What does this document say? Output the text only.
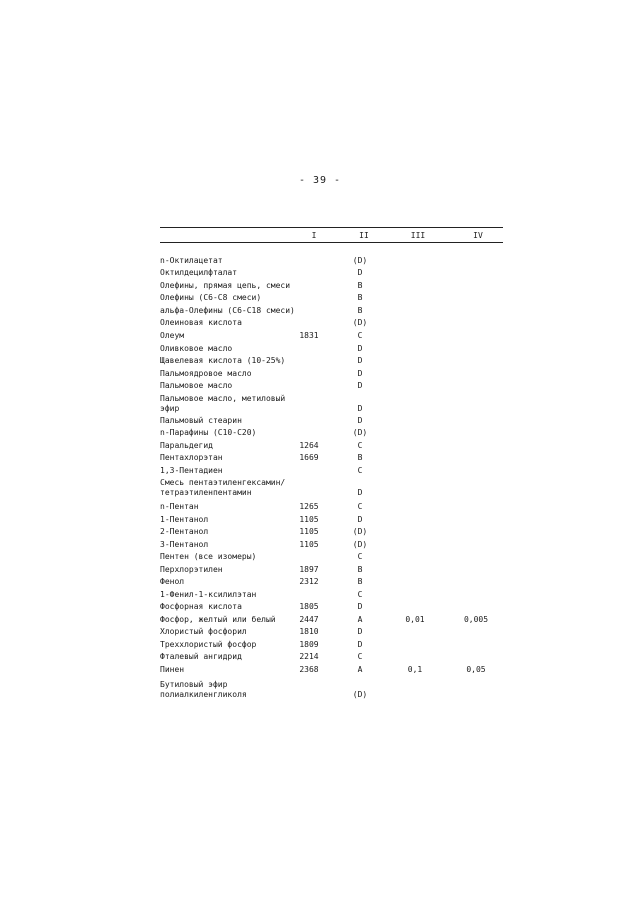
- 39 -
I	II	III	IV
n-Октилацетат	(D)
Октилдецилфталат	D
Олефины, прямая цепь, смеси	B
Олефины (C6-C8 смеси)	B
альфа-Олефины (C6-C18 смеси)	B
Олеиновая кислота	(D)
Олеум	1831	C
Оливковое масло	D
Щавелевая кислота (10-25%)	D
Пальмоядровое масло	D
Пальмовое масло	D
Пальмовое масло, метиловый эфир	D
Пальмовый стеарин	D
n-Парафины (C10-C20)	(D)
Паральдегид	1264	C
Пентахлорэтан	1669	B
1,3-Пентадиен	C
Смесь пентаэтиленгексамин/ тетраэтиленпентамин	D
n-Пентан	1265	C
1-Пентанол	1105	D
2-Пентанол	1105	(D)
3-Пентанол	1105	(D)
Пентен (все изомеры)	C
Перхлорэтилен	1897	B
Фенол	2312	B
1-Фенил-1-ксилилэтан	C
Фосфорная кислота	1805	D
Фосфор, желтый или белый	2447	A	0,01	0,005
Хлористый фосфорил	1810	D
Треххлористый фосфор	1809	D
Фталевый ангидрид	2214	C
Пинен	2368	A	0,1	0,05
Бутиловый эфир полиалкиленгликоля	(D)
